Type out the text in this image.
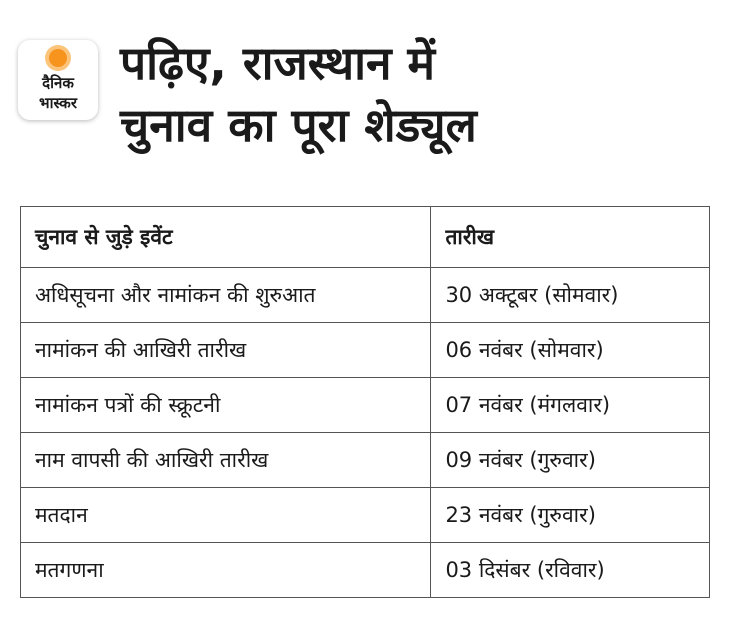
दैनिक
भास्कर
पढ़िए, राजस्थान में
चुनाव का पूरा शेड्यूल
चुनाव से जुड़े इवेंट	तारीख
अधिसूचना और नामांकन की शुरुआत	30 अक्टूबर (सोमवार)
नामांकन की आखिरी तारीख	06 नवंबर (सोमवार)
नामांकन पत्रों की स्क्रूटनी	07 नवंबर (मंगलवार)
नाम वापसी की आखिरी तारीख	09 नवंबर (गुरुवार)
मतदान	23 नवंबर (गुरुवार)
मतगणना	03 दिसंबर (रविवार)
